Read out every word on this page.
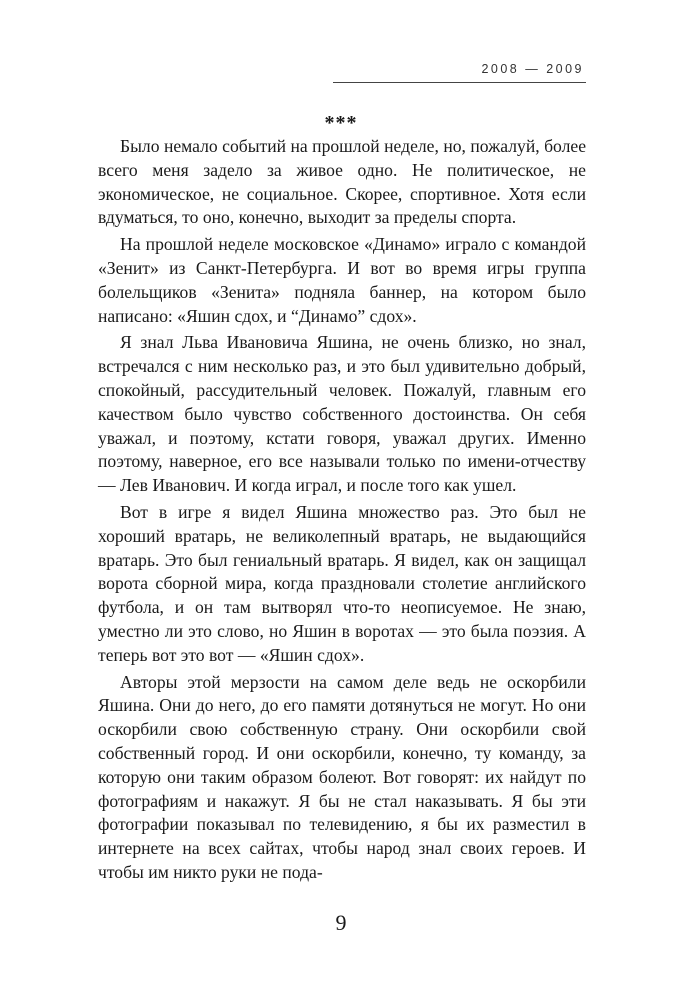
2008 — 2009
***

Было немало событий на прошлой неделе, но, пожалуй, более всего меня задело за живое одно. Не политическое, не экономическое, не социальное. Скорее, спортивное. Хотя если вдуматься, то оно, конечно, выходит за пределы спорта.

На прошлой неделе московское «Динамо» играло с командой «Зенит» из Санкт-Петербурга. И вот во время игры группа болельщиков «Зенита» подняла баннер, на котором было написано: «Яшин сдох, и “Динамо” сдох».

Я знал Льва Ивановича Яшина, не очень близко, но знал, встречался с ним несколько раз, и это был удивительно добрый, спокойный, рассудительный человек. Пожалуй, главным его качеством было чувство собственного достоинства. Он себя уважал, и поэтому, кстати говоря, уважал других. Именно поэтому, наверное, его все называли только по имени-отчеству — Лев Иванович. И когда играл, и после того как ушел.

Вот в игре я видел Яшина множество раз. Это был не хороший вратарь, не великолепный вратарь, не выдающийся вратарь. Это был гениальный вратарь. Я видел, как он защищал ворота сборной мира, когда праздновали столетие английского футбола, и он там вытворял что-то неописуемое. Не знаю, уместно ли это слово, но Яшин в воротах — это была поэзия. А теперь вот это вот — «Яшин сдох».

Авторы этой мерзости на самом деле ведь не оскорбили Яшина. Они до него, до его памяти дотянуться не могут. Но они оскорбили свою собственную страну. Они оскорбили свой собственный город. И они оскорбили, конечно, ту команду, за которую они таким образом болеют. Вот говорят: их найдут по фотографиям и накажут. Я бы не стал наказывать. Я бы эти фотографии показывал по телевидению, я бы их разместил в интернете на всех сайтах, чтобы народ знал своих героев. И чтобы им никто руки не пода-

9
